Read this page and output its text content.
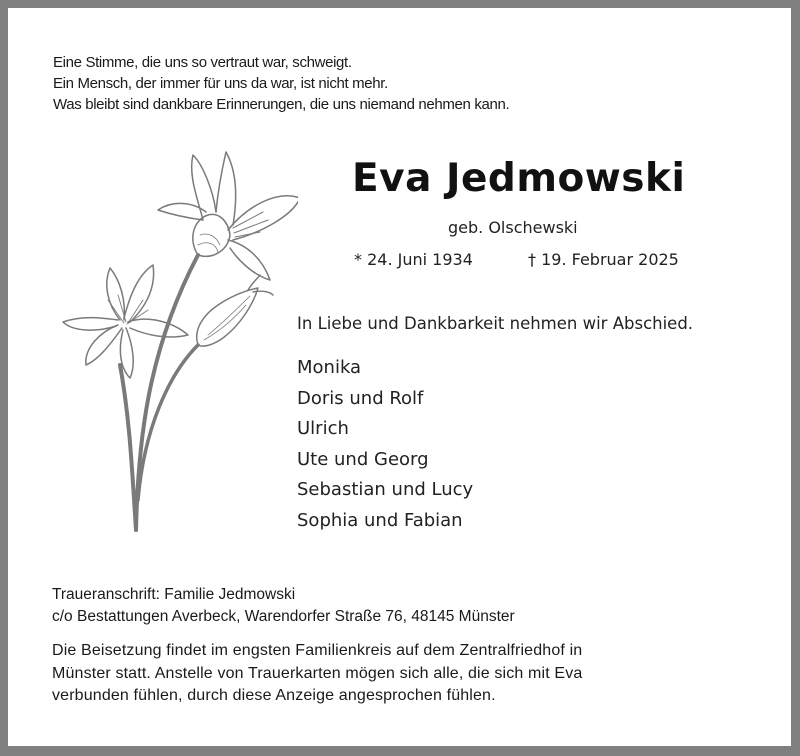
Eine Stimme, die uns so vertraut war, schweigt.
Ein Mensch, der immer für uns da war, ist nicht mehr.
Was bleibt sind dankbare Erinnerungen, die uns niemand nehmen kann.
Eva Jedmowski
geb. Olschewski
* 24. Juni 1934	† 19. Februar 2025
In Liebe und Dankbarkeit nehmen wir Abschied.
Monika
Doris und Rolf
Ulrich
Ute und Georg
Sebastian und Lucy
Sophia und Fabian
Traueranschrift: Familie Jedmowski
c/o Bestattungen Averbeck, Warendorfer Straße 76, 48145 Münster
Die Beisetzung findet im engsten Familienkreis auf dem Zentralfriedhof in
Münster statt. Anstelle von Trauerkarten mögen sich alle, die sich mit Eva
verbunden fühlen, durch diese Anzeige angesprochen fühlen.
